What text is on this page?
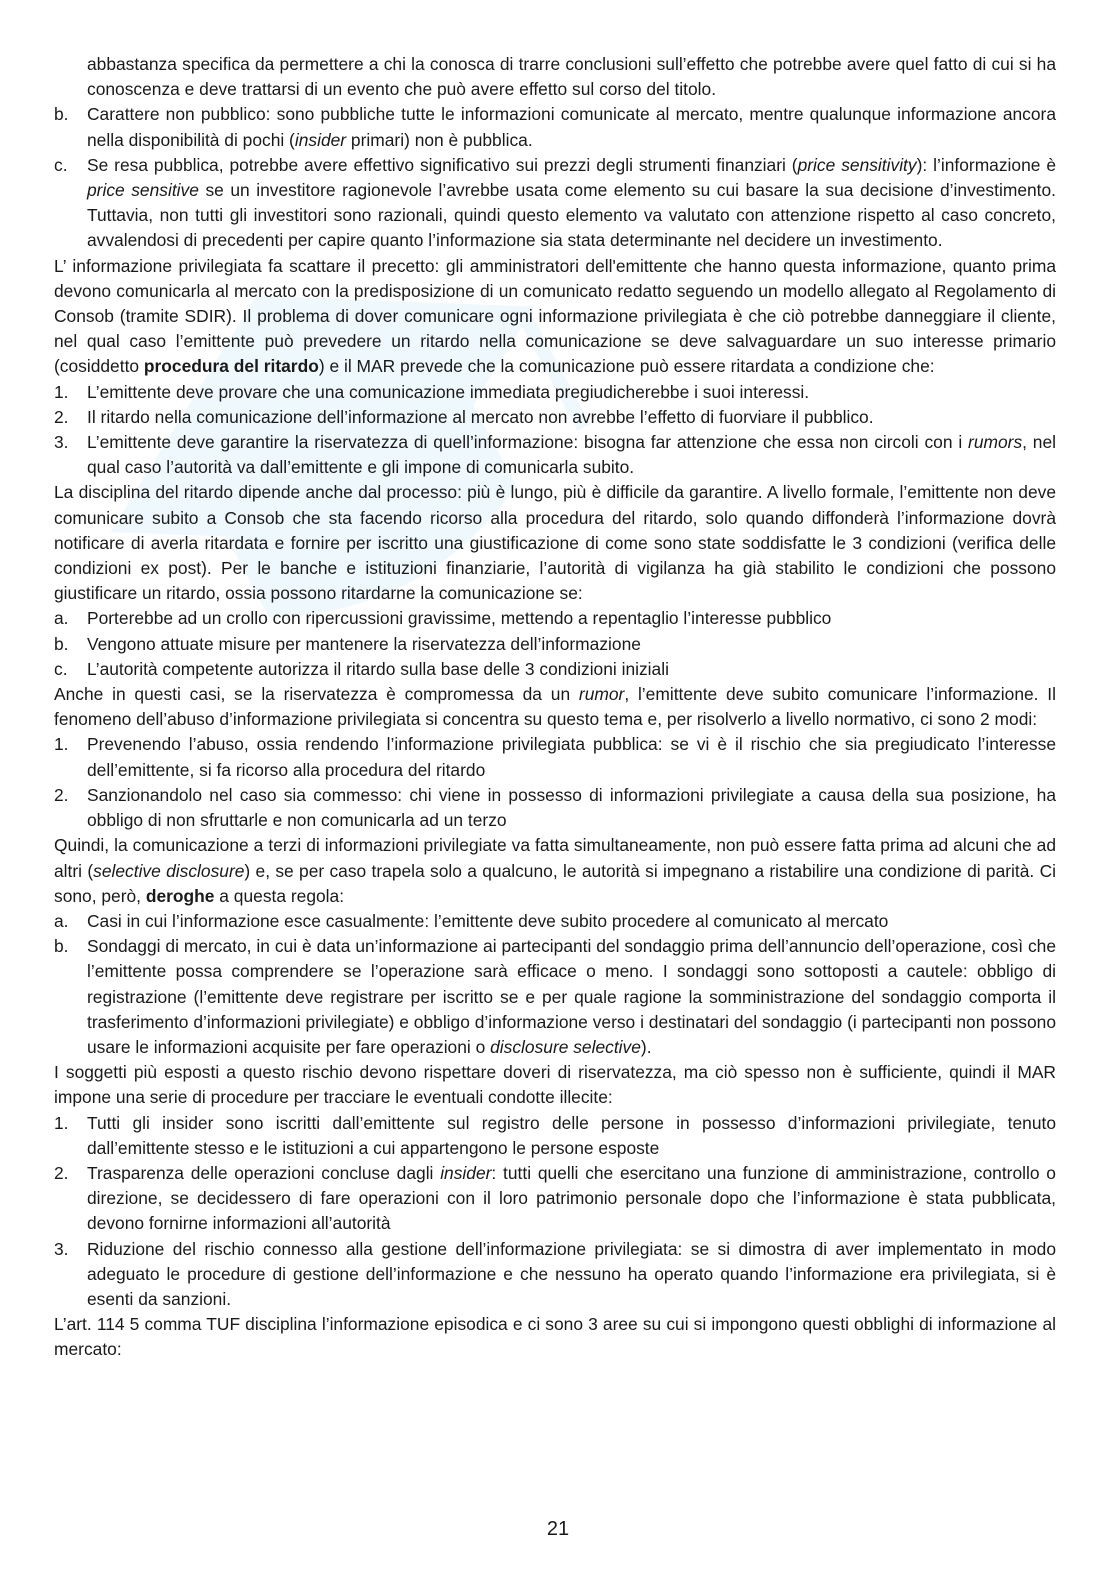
abbastanza specifica da permettere a chi la conosca di trarre conclusioni sull’effetto che potrebbe avere quel fatto di cui si ha conoscenza e deve trattarsi di un evento che può avere effetto sul corso del titolo.
b. Carattere non pubblico: sono pubbliche tutte le informazioni comunicate al mercato, mentre qualunque informazione ancora nella disponibilità di pochi (insider primari) non è pubblica.
c. Se resa pubblica, potrebbe avere effettivo significativo sui prezzi degli strumenti finanziari (price sensitivity): l’informazione è price sensitive se un investitore ragionevole l’avrebbe usata come elemento su cui basare la sua decisione d’investimento. Tuttavia, non tutti gli investitori sono razionali, quindi questo elemento va valutato con attenzione rispetto al caso concreto, avvalendosi di precedenti per capire quanto l’informazione sia stata determinante nel decidere un investimento.

L’ informazione privilegiata fa scattare il precetto: gli amministratori dell'emittente che hanno questa informazione, quanto prima devono comunicarla al mercato con la predisposizione di un comunicato redatto seguendo un modello allegato al Regolamento di Consob (tramite SDIR). Il problema di dover comunicare ogni informazione privilegiata è che ciò potrebbe danneggiare il cliente, nel qual caso l’emittente può prevedere un ritardo nella comunicazione se deve salvaguardare un suo interesse primario (cosiddetto procedura del ritardo) e il MAR prevede che la comunicazione può essere ritardata a condizione che:

1. L’emittente deve provare che una comunicazione immediata pregiudicherebbe i suoi interessi.
2. Il ritardo nella comunicazione dell’informazione al mercato non avrebbe l’effetto di fuorviare il pubblico.
3. L’emittente deve garantire la riservatezza di quell’informazione: bisogna far attenzione che essa non circoli con i rumors, nel qual caso l’autorità va dall’emittente e gli impone di comunicarla subito.

La disciplina del ritardo dipende anche dal processo: più è lungo, più è difficile da garantire. A livello formale, l’emittente non deve comunicare subito a Consob che sta facendo ricorso alla procedura del ritardo, solo quando diffonderà l’informazione dovrà notificare di averla ritardata e fornire per iscritto una giustificazione di come sono state soddisfatte le 3 condizioni (verifica delle condizioni ex post). Per le banche e istituzioni finanziarie, l’autorità di vigilanza ha già stabilito le condizioni che possono giustificare un ritardo, ossia possono ritardarne la comunicazione se:

a. Porterebbe ad un crollo con ripercussioni gravissime, mettendo a repentaglio l’interesse pubblico
b. Vengono attuate misure per mantenere la riservatezza dell’informazione
c. L’autorità competente autorizza il ritardo sulla base delle 3 condizioni iniziali

Anche in questi casi, se la riservatezza è compromessa da un rumor, l’emittente deve subito comunicare l’informazione. Il fenomeno dell’abuso d’informazione privilegiata si concentra su questo tema e, per risolverlo a livello normativo, ci sono 2 modi:

1. Prevenendo l’abuso, ossia rendendo l’informazione privilegiata pubblica: se vi è il rischio che sia pregiudicato l’interesse dell’emittente, si fa ricorso alla procedura del ritardo
2. Sanzionandolo nel caso sia commesso: chi viene in possesso di informazioni privilegiate a causa della sua posizione, ha obbligo di non sfruttarle e non comunicarla ad un terzo

Quindi, la comunicazione a terzi di informazioni privilegiate va fatta simultaneamente, non può essere fatta prima ad alcuni che ad altri (selective disclosure) e, se per caso trapela solo a qualcuno, le autorità si impegnano a ristabilire una condizione di parità. Ci sono, però, deroghe a questa regola:

a. Casi in cui l’informazione esce casualmente: l’emittente deve subito procedere al comunicato al mercato
b. Sondaggi di mercato, in cui è data un’informazione ai partecipanti del sondaggio prima dell’annuncio dell’operazione, così che l’emittente possa comprendere se l’operazione sarà efficace o meno. I sondaggi sono sottoposti a cautele: obbligo di registrazione (l’emittente deve registrare per iscritto se e per quale ragione la somministrazione del sondaggio comporta il trasferimento d’informazioni privilegiate) e obbligo d’informazione verso i destinatari del sondaggio (i partecipanti non possono usare le informazioni acquisite per fare operazioni o disclosure selective).

I soggetti più esposti a questo rischio devono rispettare doveri di riservatezza, ma ciò spesso non è sufficiente, quindi il MAR impone una serie di procedure per tracciare le eventuali condotte illecite:

1. Tutti gli insider sono iscritti dall’emittente sul registro delle persone in possesso d’informazioni privilegiate, tenuto dall’emittente stesso e le istituzioni a cui appartengono le persone esposte
2. Trasparenza delle operazioni concluse dagli insider: tutti quelli che esercitano una funzione di amministrazione, controllo o direzione, se decidessero di fare operazioni con il loro patrimonio personale dopo che l’informazione è stata pubblicata, devono fornirne informazioni all’autorità
3. Riduzione del rischio connesso alla gestione dell’informazione privilegiata: se si dimostra di aver implementato in modo adeguato le procedure di gestione dell’informazione e che nessuno ha operato quando l’informazione era privilegiata, si è esenti da sanzioni.

L’art. 114 5 comma TUF disciplina l’informazione episodica e ci sono 3 aree su cui si impongono questi obblighi di informazione al mercato:

21
